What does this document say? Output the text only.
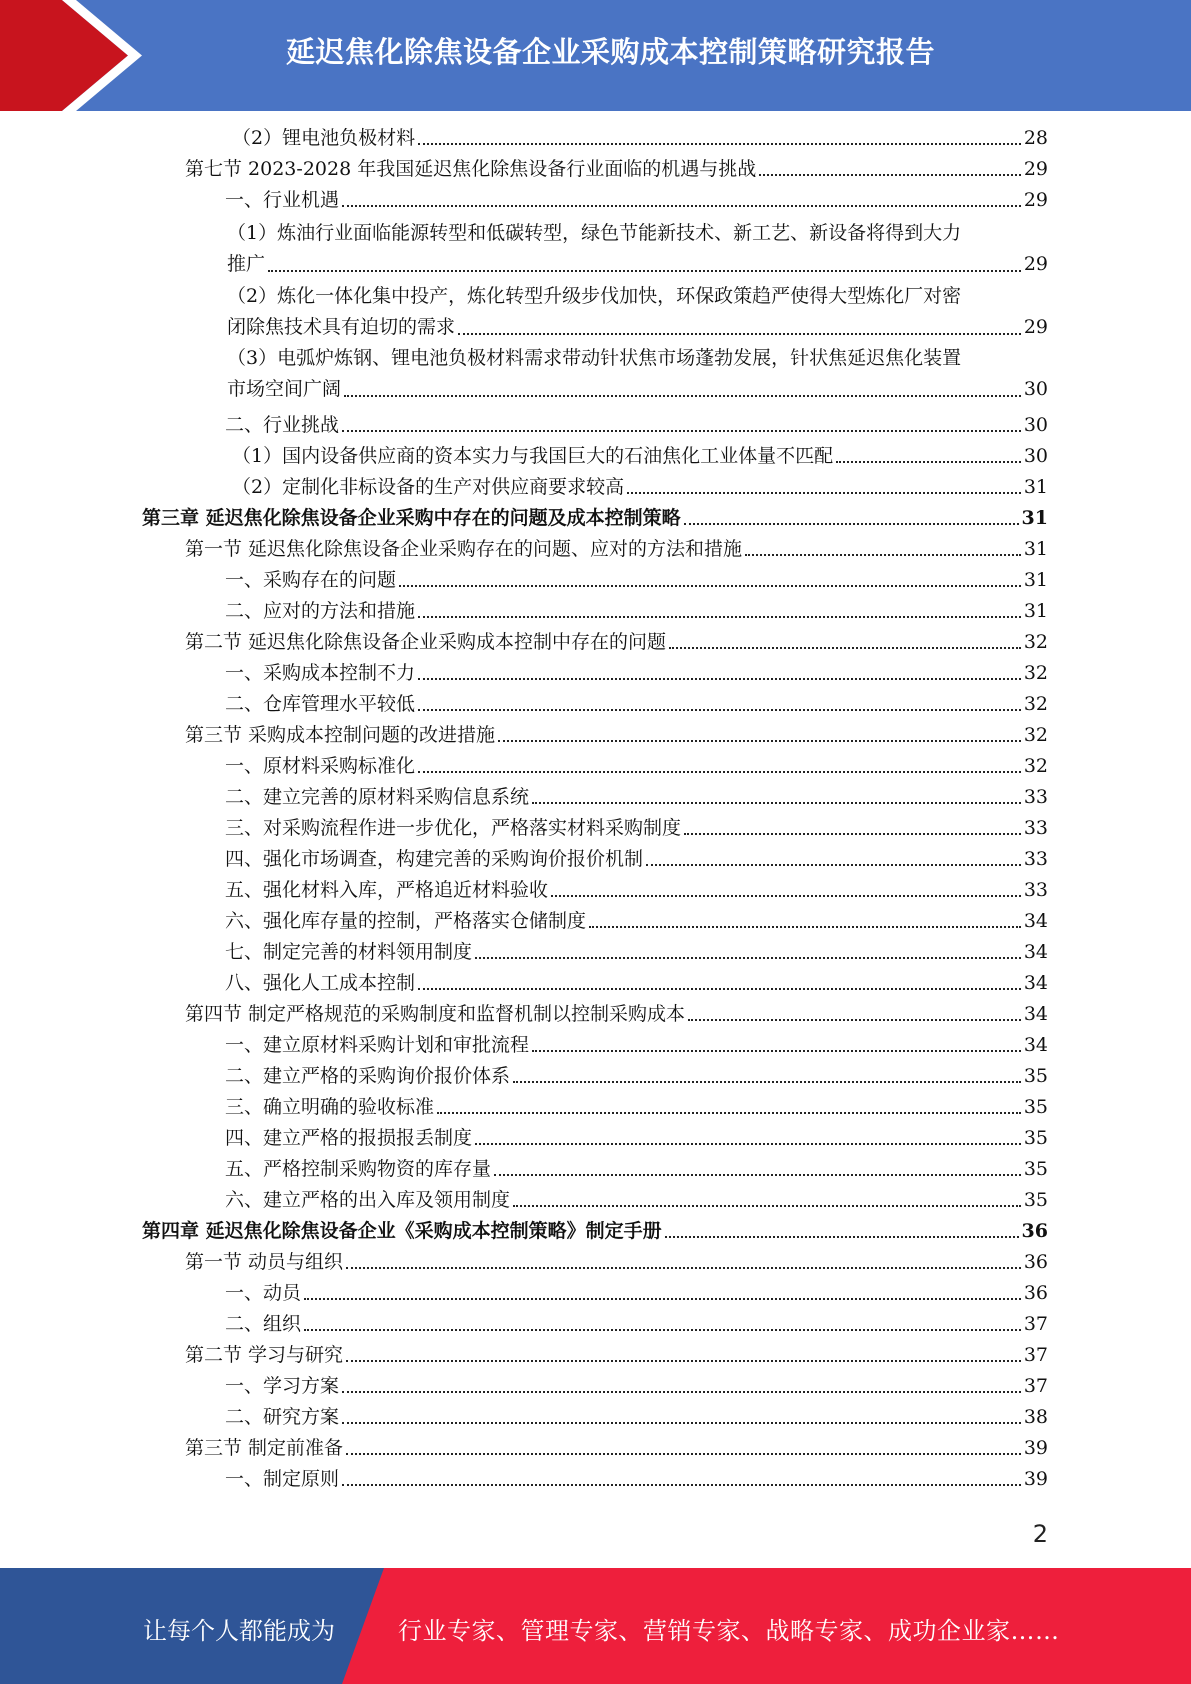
延迟焦化除焦设备企业采购成本控制策略研究报告
（2）锂电池负极材料	28
第七节 2023-2028 年我国延迟焦化除焦设备行业面临的机遇与挑战	29
一、行业机遇	29
（1）炼油行业面临能源转型和低碳转型，绿色节能新技术、新工艺、新设备将得到大力
推广	29
（2）炼化一体化集中投产，炼化转型升级步伐加快，环保政策趋严使得大型炼化厂对密
闭除焦技术具有迫切的需求	29
（3）电弧炉炼钢、锂电池负极材料需求带动针状焦市场蓬勃发展，针状焦延迟焦化装置
市场空间广阔	30
二、行业挑战	30
（1）国内设备供应商的资本实力与我国巨大的石油焦化工业体量不匹配	30
（2）定制化非标设备的生产对供应商要求较高	31
第三章 延迟焦化除焦设备企业采购中存在的问题及成本控制策略	31
第一节 延迟焦化除焦设备企业采购存在的问题、应对的方法和措施	31
一、采购存在的问题	31
二、应对的方法和措施	31
第二节 延迟焦化除焦设备企业采购成本控制中存在的问题	32
一、采购成本控制不力	32
二、仓库管理水平较低	32
第三节 采购成本控制问题的改进措施	32
一、原材料采购标准化	32
二、建立完善的原材料采购信息系统	33
三、对采购流程作进一步优化，严格落实材料采购制度	33
四、强化市场调查，构建完善的采购询价报价机制	33
五、强化材料入库，严格追近材料验收	33
六、强化库存量的控制，严格落实仓储制度	34
七、制定完善的材料领用制度	34
八、强化人工成本控制	34
第四节 制定严格规范的采购制度和监督机制以控制采购成本	34
一、建立原材料采购计划和审批流程	34
二、建立严格的采购询价报价体系	35
三、确立明确的验收标准	35
四、建立严格的报损报丢制度	35
五、严格控制采购物资的库存量	35
六、建立严格的出入库及领用制度	35
第四章 延迟焦化除焦设备企业《采购成本控制策略》制定手册	36
第一节 动员与组织	36
一、动员	36
二、组织	37
第二节 学习与研究	37
一、学习方案	37
二、研究方案	38
第三节 制定前准备	39
一、制定原则	39
2
让每个人都能成为	行业专家、管理专家、营销专家、战略专家、成功企业家……
